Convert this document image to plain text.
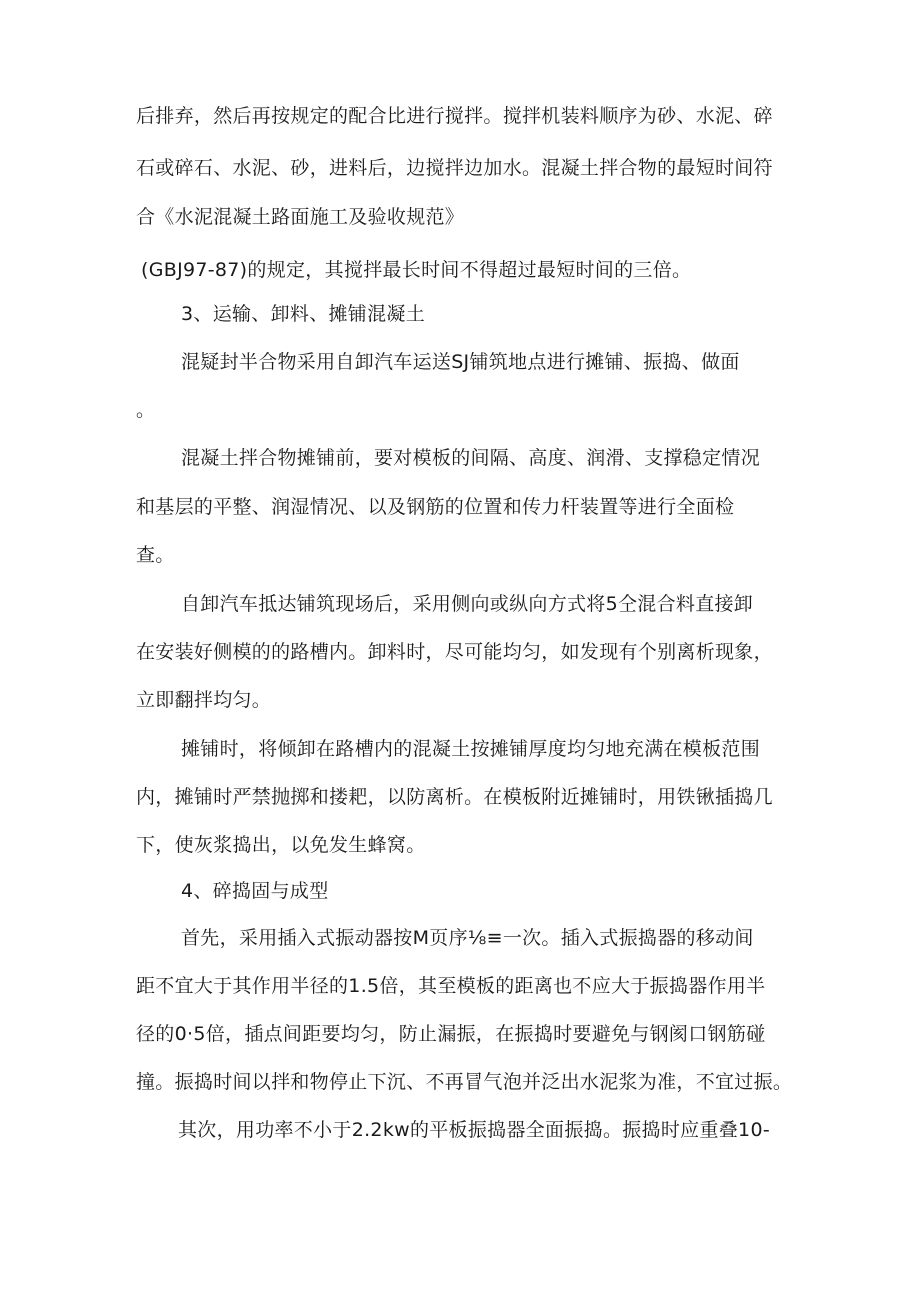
后排弃，然后再按规定的配合比进行搅拌。搅拌机装料顺序为砂、水泥、碎
石或碎石、水泥、砂，进料后，边搅拌边加水。混凝土拌合物的最短时间符
合《水泥混凝土路面施工及验收规范》
(GBJ97-87)的规定，其搅拌最长时间不得超过最短时间的三倍。
3、运输、卸料、摊铺混凝土
混疑封半合物采用自卸汽车运送SJ铺筑地点进行摊铺、振捣、做面
。
混凝土拌合物摊铺前，要对模板的间隔、高度、润滑、支撑稳定情况
和基层的平整、润湿情况、以及钢筋的位置和传力杆装置等进行全面检
查。
自卸汽车抵达铺筑现场后，采用侧向或纵向方式将5仝混合料直接卸
在安装好侧模的的路槽内。卸料时，尽可能均匀，如发现有个别离析现象，
立即翻拌均匀。
摊铺时，将倾卸在路槽内的混凝土按摊铺厚度均匀地充满在模板范围
内，摊铺时严禁抛掷和搂耙，以防离析。在模板附近摊铺时，用铁锹插捣几
下，使灰浆捣出，以免发生蜂窝。
4、碎捣固与成型
首先，采用插入式振动器按M页序⅛≡一次。插入式振捣器的移动间
距不宜大于其作用半径的1.5倍，其至模板的距离也不应大于振捣器作用半
径的0·5倍，插点间距要均匀，防止漏振，在振捣时要避免与钢阂口钢筋碰
撞。振捣时间以拌和物停止下沉、不再冒气泡并泛出水泥浆为准，不宜过振。
其次，用功率不小于2.2kw的平板振捣器全面振捣。振捣时应重叠10-
